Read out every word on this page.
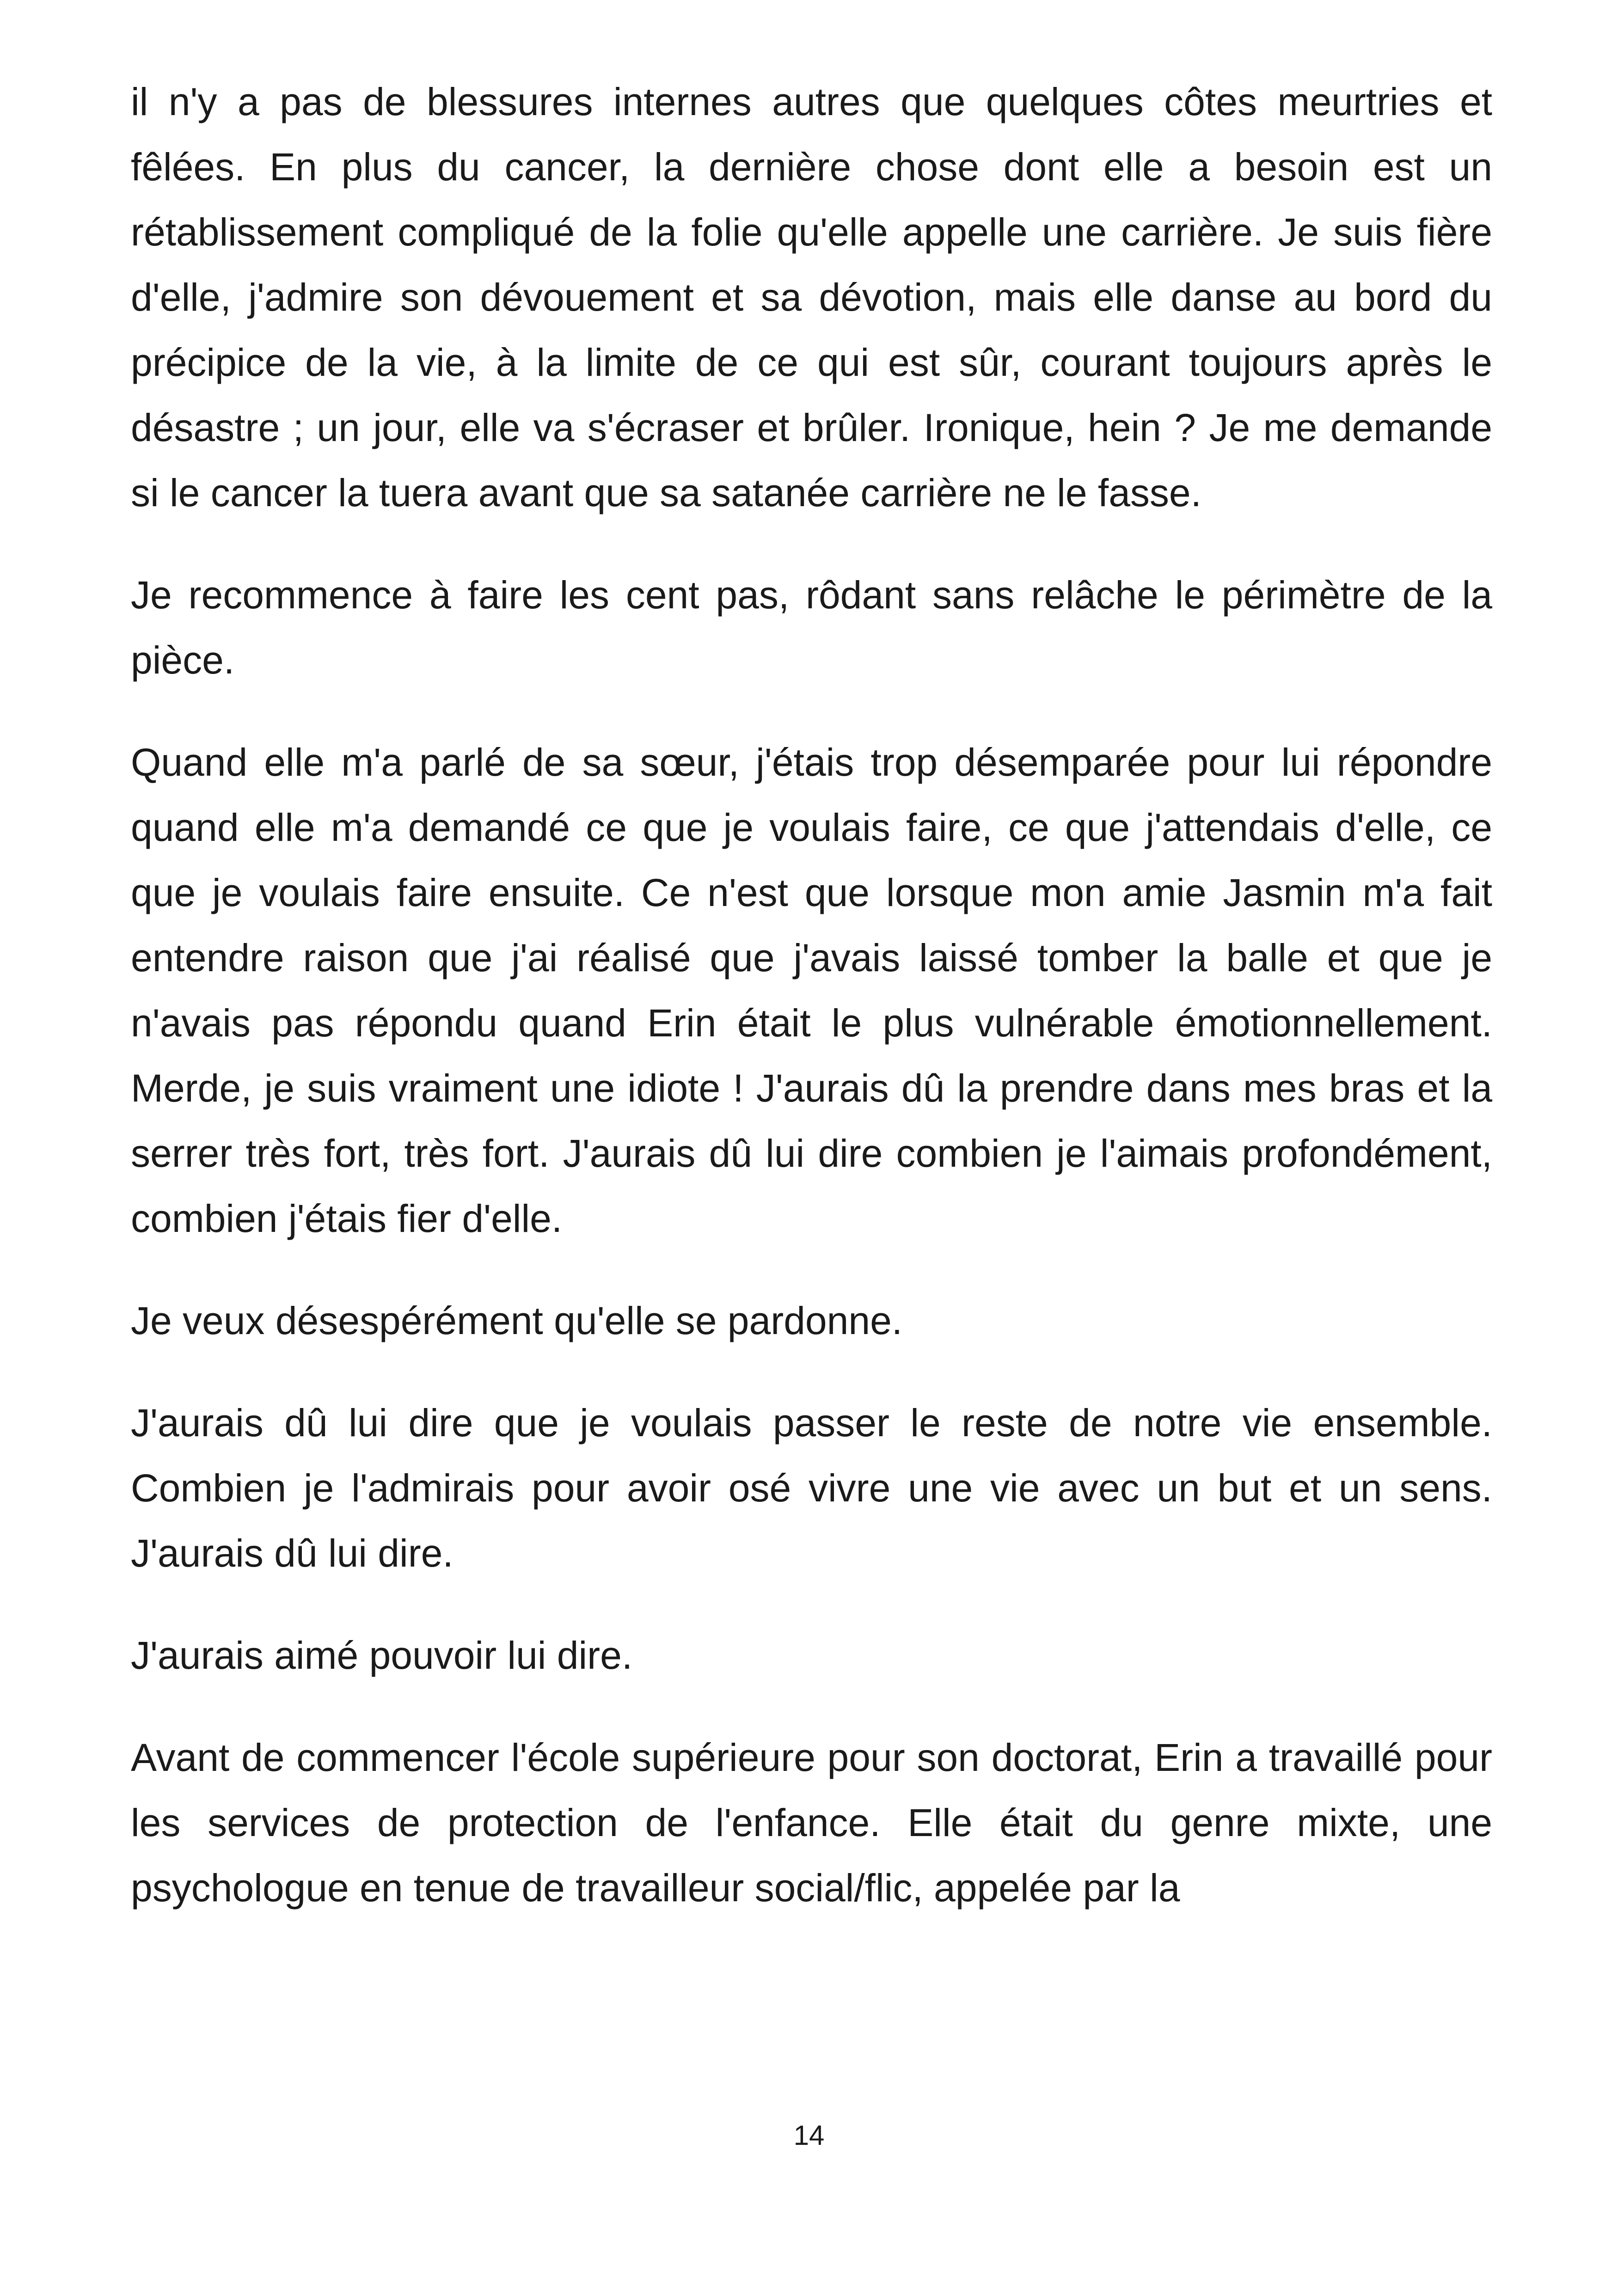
il n'y a pas de blessures internes autres que quelques côtes meurtries et fêlées. En plus du cancer, la dernière chose dont elle a besoin est un rétablissement compliqué de la folie qu'elle appelle une carrière. Je suis fière d'elle, j'admire son dévouement et sa dévotion, mais elle danse au bord du précipice de la vie, à la limite de ce qui est sûr, courant toujours après le désastre ; un jour, elle va s'écraser et brûler. Ironique, hein ? Je me demande si le cancer la tuera avant que sa satanée carrière ne le fasse.

Je recommence à faire les cent pas, rôdant sans relâche le périmètre de la pièce.

Quand elle m'a parlé de sa sœur, j'étais trop désemparée pour lui répondre quand elle m'a demandé ce que je voulais faire, ce que j'attendais d'elle, ce que je voulais faire ensuite. Ce n'est que lorsque mon amie Jasmin m'a fait entendre raison que j'ai réalisé que j'avais laissé tomber la balle et que je n'avais pas répondu quand Erin était le plus vulnérable émotionnellement. Merde, je suis vraiment une idiote ! J'aurais dû la prendre dans mes bras et la serrer très fort, très fort. J'aurais dû lui dire combien je l'aimais profondément, combien j'étais fier d'elle.

Je veux désespérément qu'elle se pardonne.

J'aurais dû lui dire que je voulais passer le reste de notre vie ensemble. Combien je l'admirais pour avoir osé vivre une vie avec un but et un sens. J'aurais dû lui dire.

J'aurais aimé pouvoir lui dire.

Avant de commencer l'école supérieure pour son doctorat, Erin a travaillé pour les services de protection de l'enfance. Elle était du genre mixte, une psychologue en tenue de travailleur social/flic, appelée par la

14
